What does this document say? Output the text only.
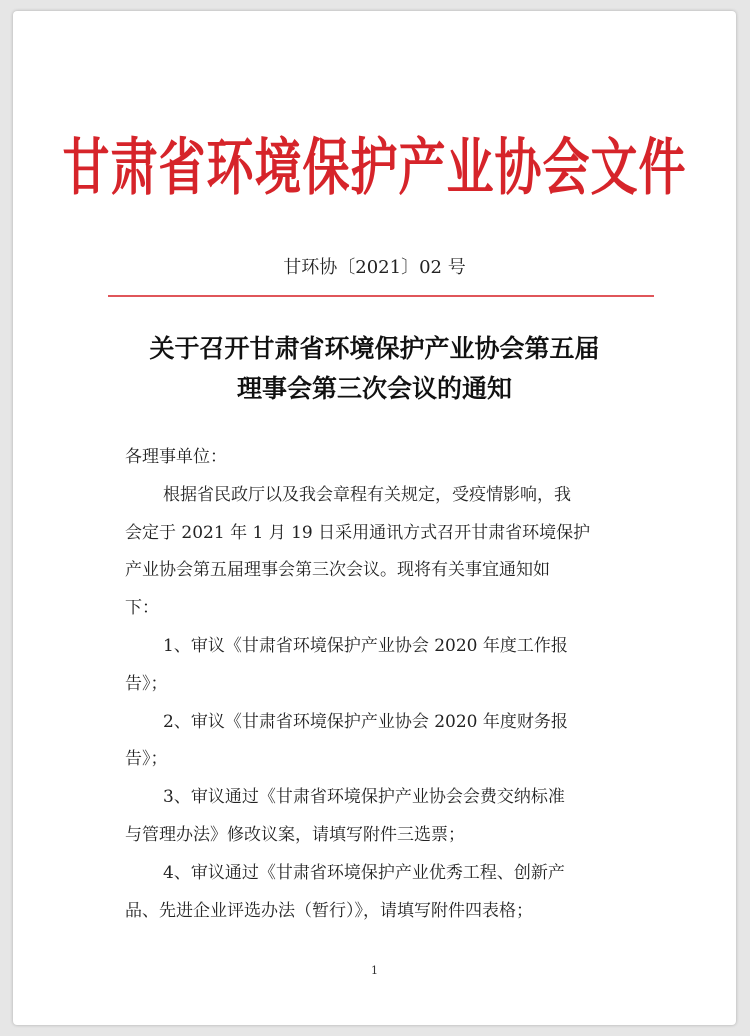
甘肃省环境保护产业协会文件
甘环协〔2021〕02 号
关于召开甘肃省环境保护产业协会第五届
理事会第三次会议的通知
各理事单位：
根据省民政厅以及我会章程有关规定，受疫情影响，我
会定于 2021 年 1 月 19 日采用通讯方式召开甘肃省环境保护
产业协会第五届理事会第三次会议。现将有关事宜通知如
下：
1、审议《甘肃省环境保护产业协会 2020 年度工作报
告》；
2、审议《甘肃省环境保护产业协会 2020 年度财务报
告》；
3、审议通过《甘肃省环境保护产业协会会费交纳标准
与管理办法》修改议案，请填写附件三选票；
4、审议通过《甘肃省环境保护产业优秀工程、创新产
品、先进企业评选办法（暂行）》，请填写附件四表格；
1
